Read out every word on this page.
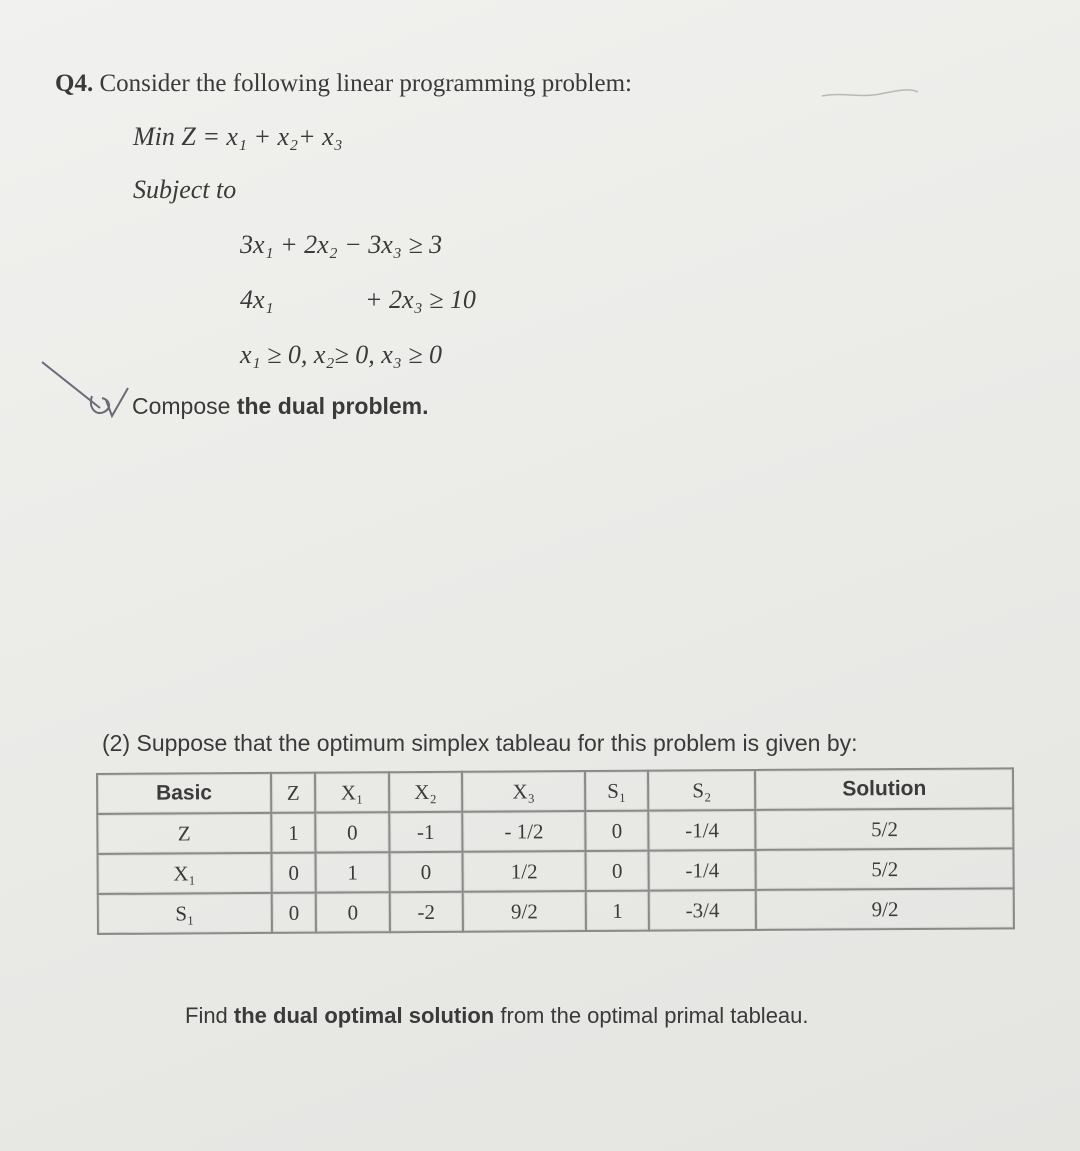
Q4. Consider the following linear programming problem:
Min Z = x₁ + x₂+ x₃
Subject to
3x₁ + 2x₂ − 3x₃ ≥ 3
4x₁	+ 2x₃ ≥ 10
x₁ ≥ 0, x₂≥ 0, x₃ ≥ 0
Compose the dual problem.
(2) Suppose that the optimum simplex tableau for this problem is given by:
Basic	Z	X₁	X₂	X₃	S₁	S₂	Solution
Z	1	0	-1	- 1/2	0	-1/4	5/2
X₁	0	1	0	1/2	0	-1/4	5/2
S₁	0	0	-2	9/2	1	-3/4	9/2
Find the dual optimal solution from the optimal primal tableau.
